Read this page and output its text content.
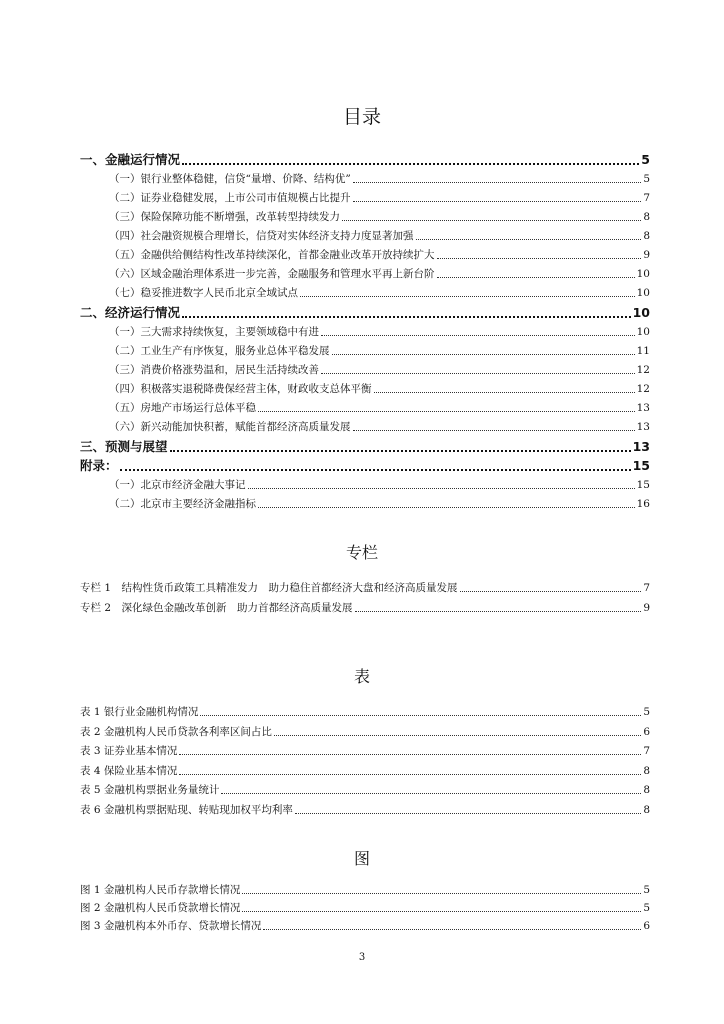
目录
一、金融运行情况	5
（一）银行业整体稳健，信贷“量增、价降、结构优”	5
（二）证券业稳健发展，上市公司市值规模占比提升	7
（三）保险保障功能不断增强，改革转型持续发力	8
（四）社会融资规模合理增长，信贷对实体经济支持力度显著加强	8
（五）金融供给侧结构性改革持续深化，首都金融业改革开放持续扩大	9
（六）区域金融治理体系进一步完善，金融服务和管理水平再上新台阶	10
（七）稳妥推进数字人民币北京全域试点	10
二、经济运行情况	10
（一）三大需求持续恢复，主要领域稳中有进	10
（二）工业生产有序恢复，服务业总体平稳发展	11
（三）消费价格涨势温和，居民生活持续改善	12
（四）积极落实退税降费保经营主体，财政收支总体平衡	12
（五）房地产市场运行总体平稳	13
（六）新兴动能加快积蓄，赋能首都经济高质量发展	13
三、预测与展望	13
附录：	15
（一）北京市经济金融大事记	15
（二）北京市主要经济金融指标	16
专栏
专栏 1　结构性货币政策工具精准发力　助力稳住首都经济大盘和经济高质量发展	7
专栏 2　深化绿色金融改革创新　助力首都经济高质量发展	9
表
表 1 银行业金融机构情况	5
表 2 金融机构人民币贷款各利率区间占比	6
表 3 证券业基本情况	7
表 4 保险业基本情况	8
表 5 金融机构票据业务量统计	8
表 6 金融机构票据贴现、转贴现加权平均利率	8
图
图 1 金融机构人民币存款增长情况	5
图 2 金融机构人民币贷款增长情况	5
图 3 金融机构本外币存、贷款增长情况	6
3
